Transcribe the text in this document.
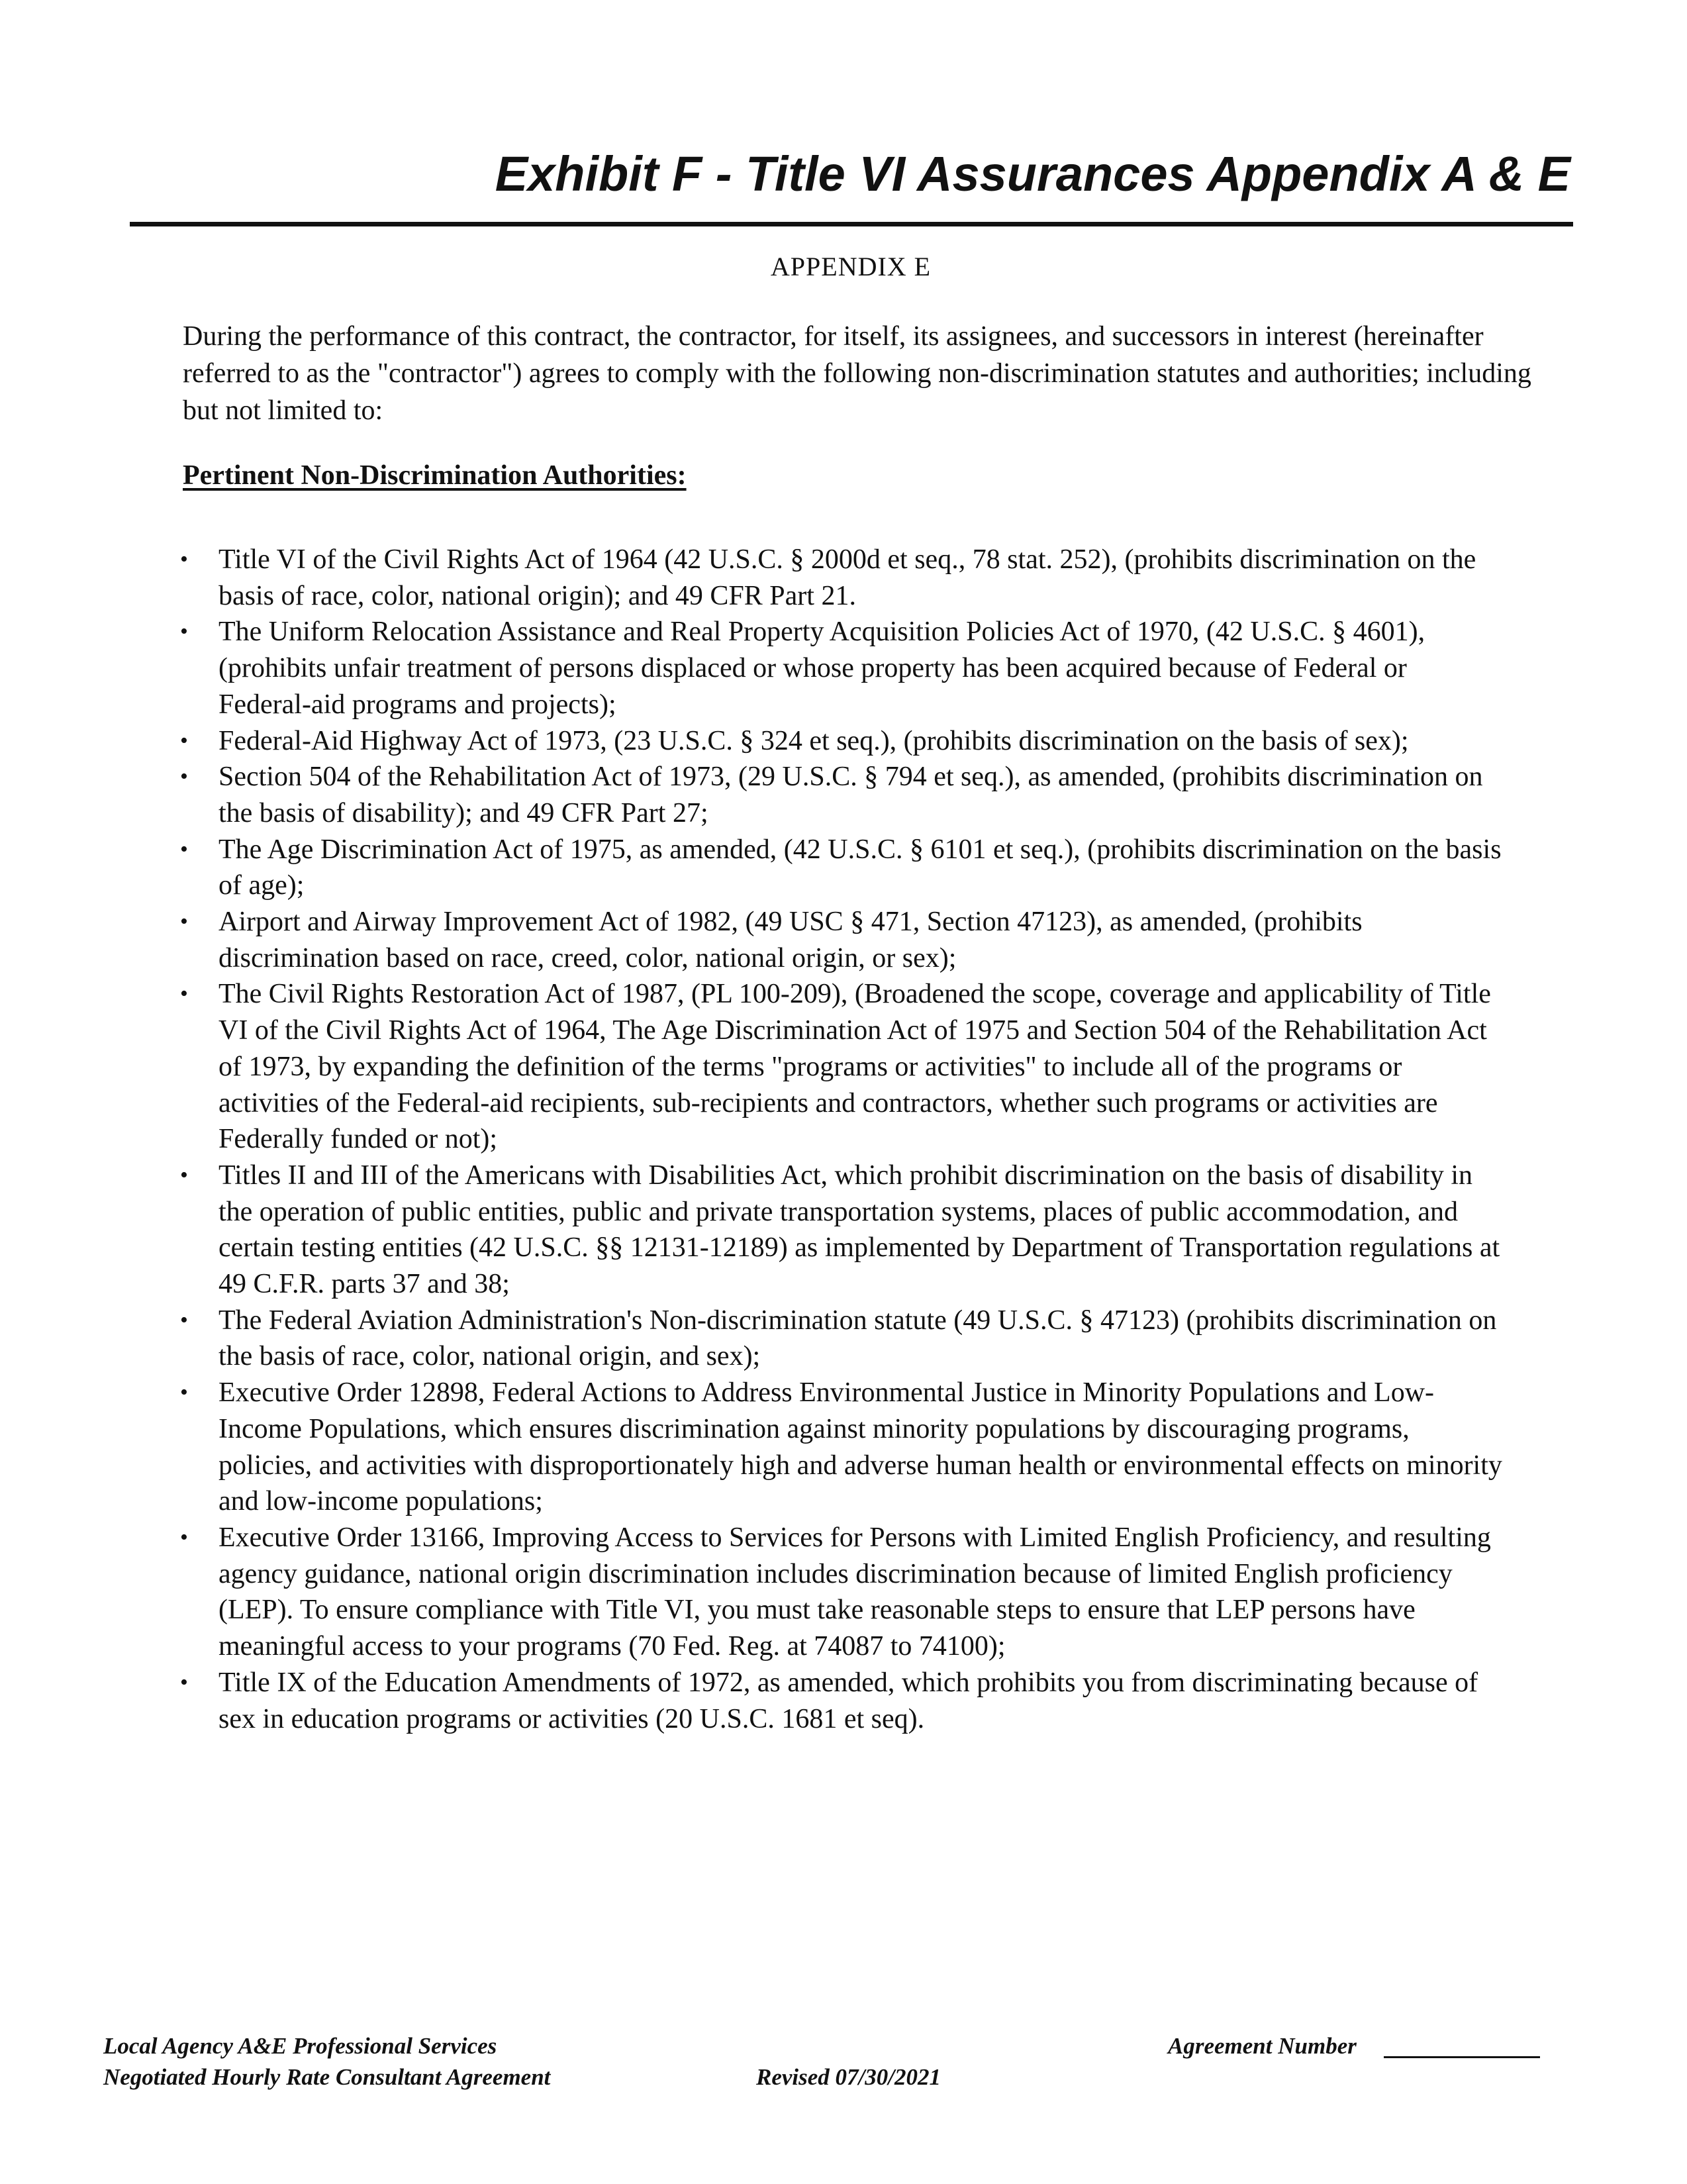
Exhibit F - Title VI Assurances Appendix A & E
APPENDIX E

During the performance of this contract, the contractor, for itself, its assignees, and successors in interest (hereinafter referred to as the "contractor") agrees to comply with the following non-discrimination statutes and authorities; including but not limited to:

Pertinent Non-Discrimination Authorities:
• Title VI of the Civil Rights Act of 1964 (42 U.S.C. § 2000d et seq., 78 stat. 252), (prohibits discrimination on the basis of race, color, national origin); and 49 CFR Part 21.
• The Uniform Relocation Assistance and Real Property Acquisition Policies Act of 1970, (42 U.S.C. § 4601), (prohibits unfair treatment of persons displaced or whose property has been acquired because of Federal or Federal-aid programs and projects);
• Federal-Aid Highway Act of 1973, (23 U.S.C. § 324 et seq.), (prohibits discrimination on the basis of sex);
• Section 504 of the Rehabilitation Act of 1973, (29 U.S.C. § 794 et seq.), as amended, (prohibits discrimination on the basis of disability); and 49 CFR Part 27;
• The Age Discrimination Act of 1975, as amended, (42 U.S.C. § 6101 et seq.), (prohibits discrimination on the basis of age);
• Airport and Airway Improvement Act of 1982, (49 USC § 471, Section 47123), as amended, (prohibits discrimination based on race, creed, color, national origin, or sex);
• The Civil Rights Restoration Act of 1987, (PL 100-209), (Broadened the scope, coverage and applicability of Title VI of the Civil Rights Act of 1964, The Age Discrimination Act of 1975 and Section 504 of the Rehabilitation Act of 1973, by expanding the definition of the terms "programs or activities" to include all of the programs or activities of the Federal-aid recipients, sub-recipients and contractors, whether such programs or activities are Federally funded or not);
• Titles II and III of the Americans with Disabilities Act, which prohibit discrimination on the basis of disability in the operation of public entities, public and private transportation systems, places of public accommodation, and certain testing entities (42 U.S.C. §§ 12131-12189) as implemented by Department of Transportation regulations at 49 C.F.R. parts 37 and 38;
• The Federal Aviation Administration's Non-discrimination statute (49 U.S.C. § 47123) (prohibits discrimination on the basis of race, color, national origin, and sex);
• Executive Order 12898, Federal Actions to Address Environmental Justice in Minority Populations and Low-Income Populations, which ensures discrimination against minority populations by discouraging programs, policies, and activities with disproportionately high and adverse human health or environmental effects on minority and low-income populations;
• Executive Order 13166, Improving Access to Services for Persons with Limited English Proficiency, and resulting agency guidance, national origin discrimination includes discrimination because of limited English proficiency (LEP). To ensure compliance with Title VI, you must take reasonable steps to ensure that LEP persons have meaningful access to your programs (70 Fed. Reg. at 74087 to 74100);
• Title IX of the Education Amendments of 1972, as amended, which prohibits you from discriminating because of sex in education programs or activities (20 U.S.C. 1681 et seq).
Local Agency A&E Professional Services
Negotiated Hourly Rate Consultant Agreement	Revised 07/30/2021
Agreement Number
